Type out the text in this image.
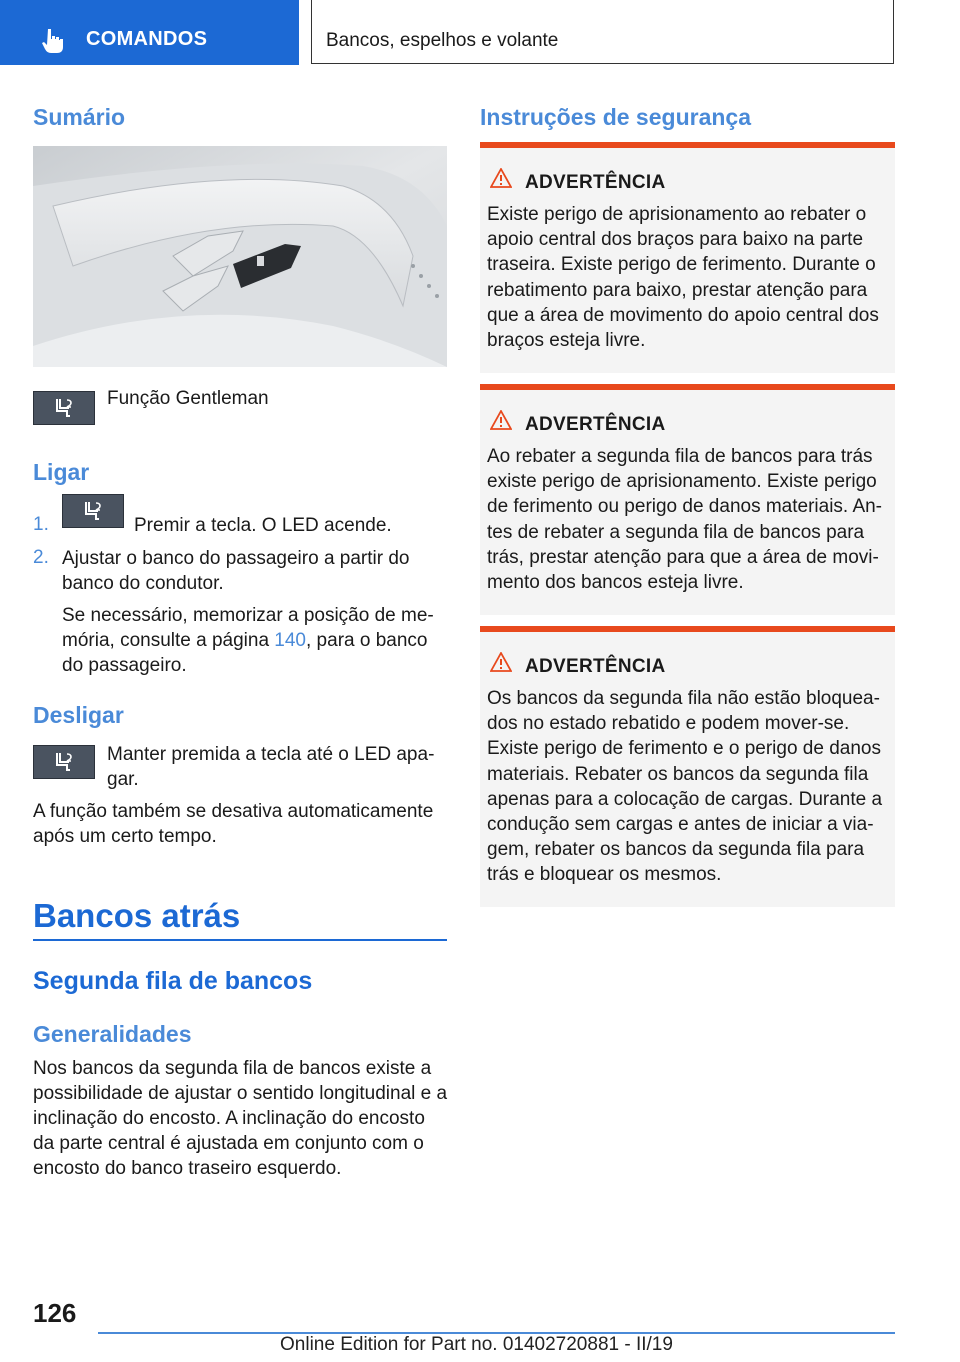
COMANDOS	Bancos, espelhos e volante
Sumário

Função Gentleman

Ligar
1.	Premir a tecla. O LED acende.

2. Ajustar o banco do passageiro a partir do

banco do condutor.

Se necessário, memorizar a posição de me‐

mória, consulte a página 140, para o banco

do passageiro.

Desligar

Manter premida a tecla até o LED apa‐

gar.

A função também se desativa automaticamente

após um certo tempo.

Bancos atrás
Segunda fila de bancos
Generalidades

Nos bancos da segunda fila de bancos existe a

possibilidade de ajustar o sentido longitudinal e a

inclinação do encosto. A inclinação do encosto

da parte central é ajustada em conjunto com o

encosto do banco traseiro esquerdo.

Instruções de segurança
ADVERTÊNCIA
Existe perigo de aprisionamento ao rebater o
apoio central dos braços para baixo na parte
traseira. Existe perigo de ferimento. Durante o
rebatimento para baixo, prestar atenção para
que a área de movimento do apoio central dos
braços esteja livre.
ADVERTÊNCIA
Ao rebater a segunda fila de bancos para trás
existe perigo de aprisionamento. Existe perigo
de ferimento ou perigo de danos materiais. An‐
tes de rebater a segunda fila de bancos para
trás, prestar atenção para que a área de movi‐
mento dos bancos esteja livre.
ADVERTÊNCIA
Os bancos da segunda fila não estão bloquea‐
dos no estado rebatido e podem mover-se.
Existe perigo de ferimento e o perigo de danos
materiais. Rebater os bancos da segunda fila
apenas para a colocação de cargas. Durante a
condução sem cargas e antes de iniciar a via‐
gem, rebater os bancos da segunda fila para
trás e bloquear os mesmos.
126
Online Edition for Part no. 01402720881 - II/19
